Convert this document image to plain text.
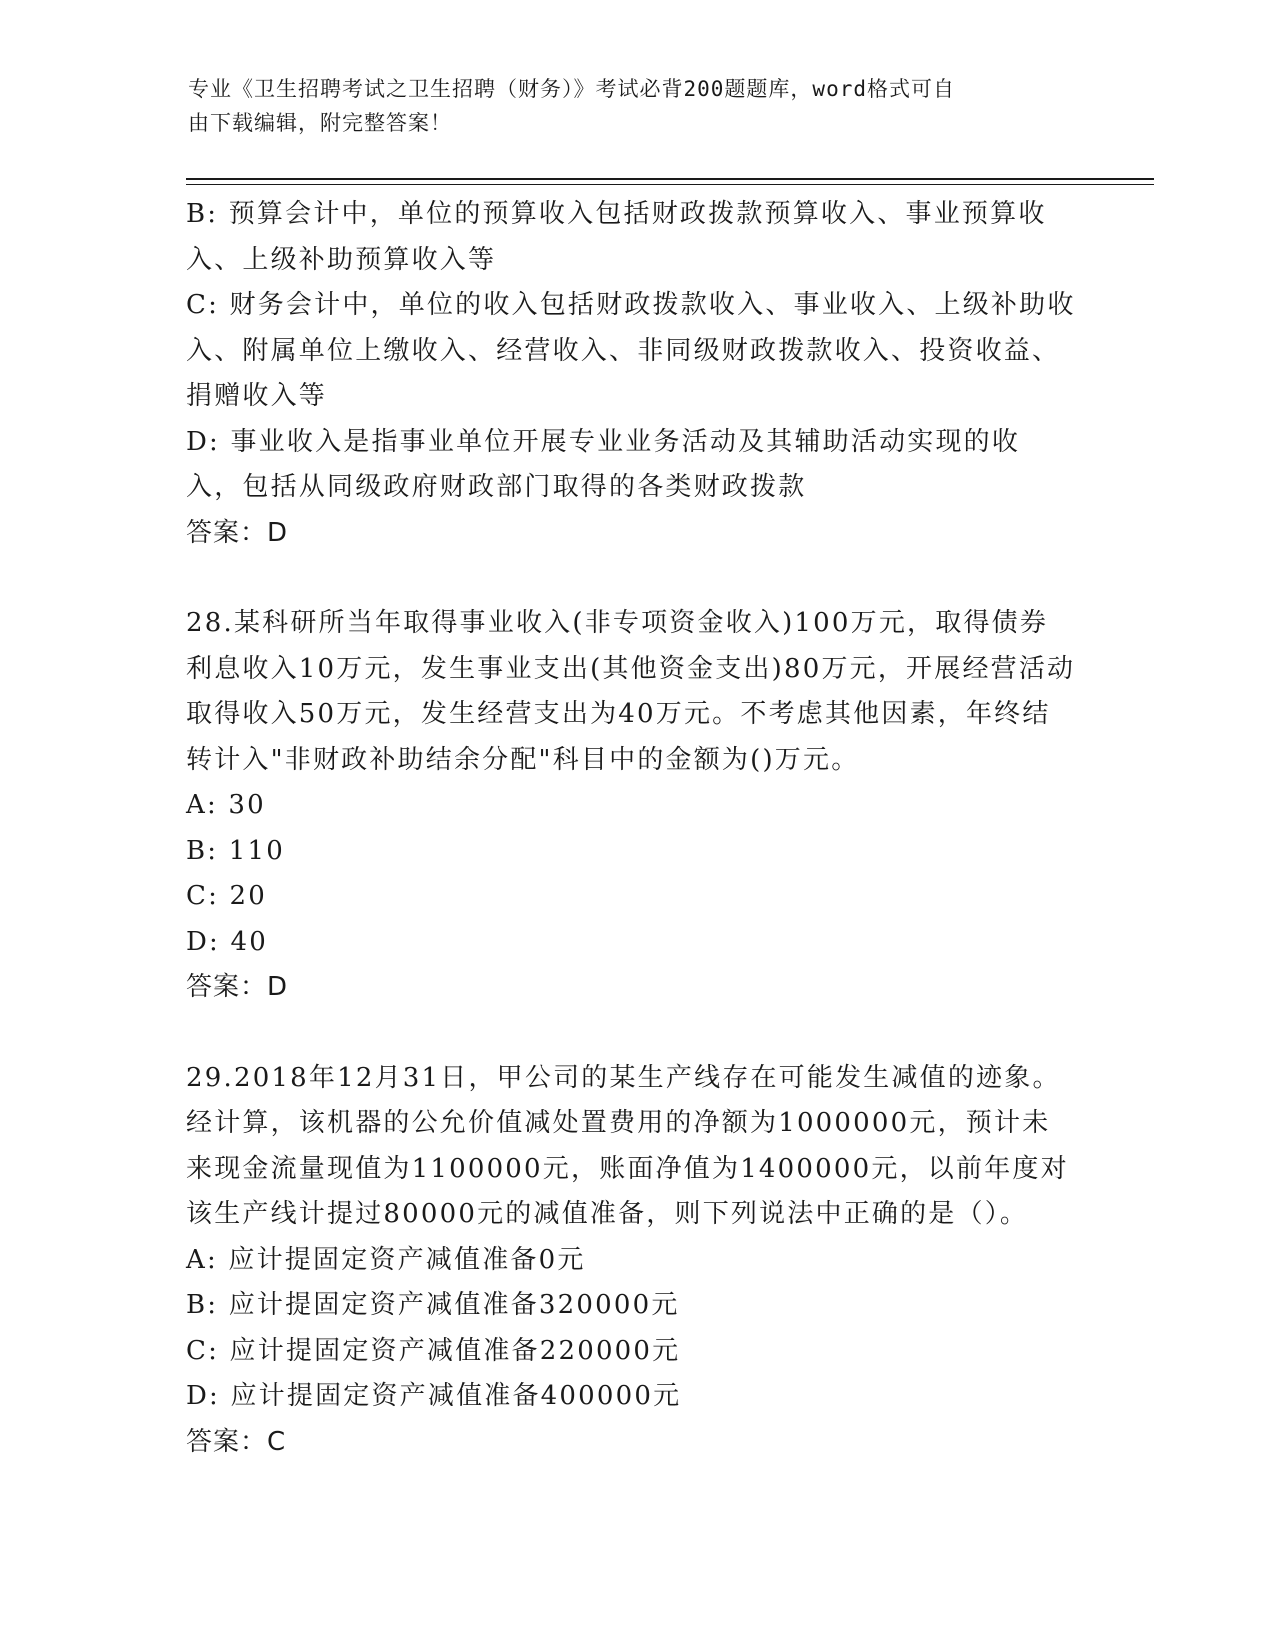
专业《卫生招聘考试之卫生招聘（财务）》考试必背200题题库，word格式可自
由下载编辑，附完整答案！

B: 预算会计中，单位的预算收入包括财政拨款预算收入、事业预算收入、上级补助预算收入等

C: 财务会计中，单位的收入包括财政拨款收入、事业收入、上级补助收入、附属单位上缴收入、经营收入、非同级财政拨款收入、投资收益、捐赠收入等

D: 事业收入是指事业单位开展专业业务活动及其辅助活动实现的收入，包括从同级政府财政部门取得的各类财政拨款

答案：D

28.某科研所当年取得事业收入(非专项资金收入)100万元，取得债券利息收入10万元，发生事业支出(其他资金支出)80万元，开展经营活动取得收入50万元，发生经营支出为40万元。不考虑其他因素，年终结转计入"非财政补助结余分配"科目中的金额为()万元。

A: 30

B: 110

C: 20

D: 40

答案：D

29.2018年12月31日，甲公司的某生产线存在可能发生减值的迹象。经计算，该机器的公允价值减处置费用的净额为1000000元，预计未来现金流量现值为1100000元，账面净值为1400000元，以前年度对该生产线计提过80000元的减值准备，则下列说法中正确的是（）。

A: 应计提固定资产减值准备0元

B: 应计提固定资产减值准备320000元

C: 应计提固定资产减值准备220000元

D: 应计提固定资产减值准备400000元

答案：C
